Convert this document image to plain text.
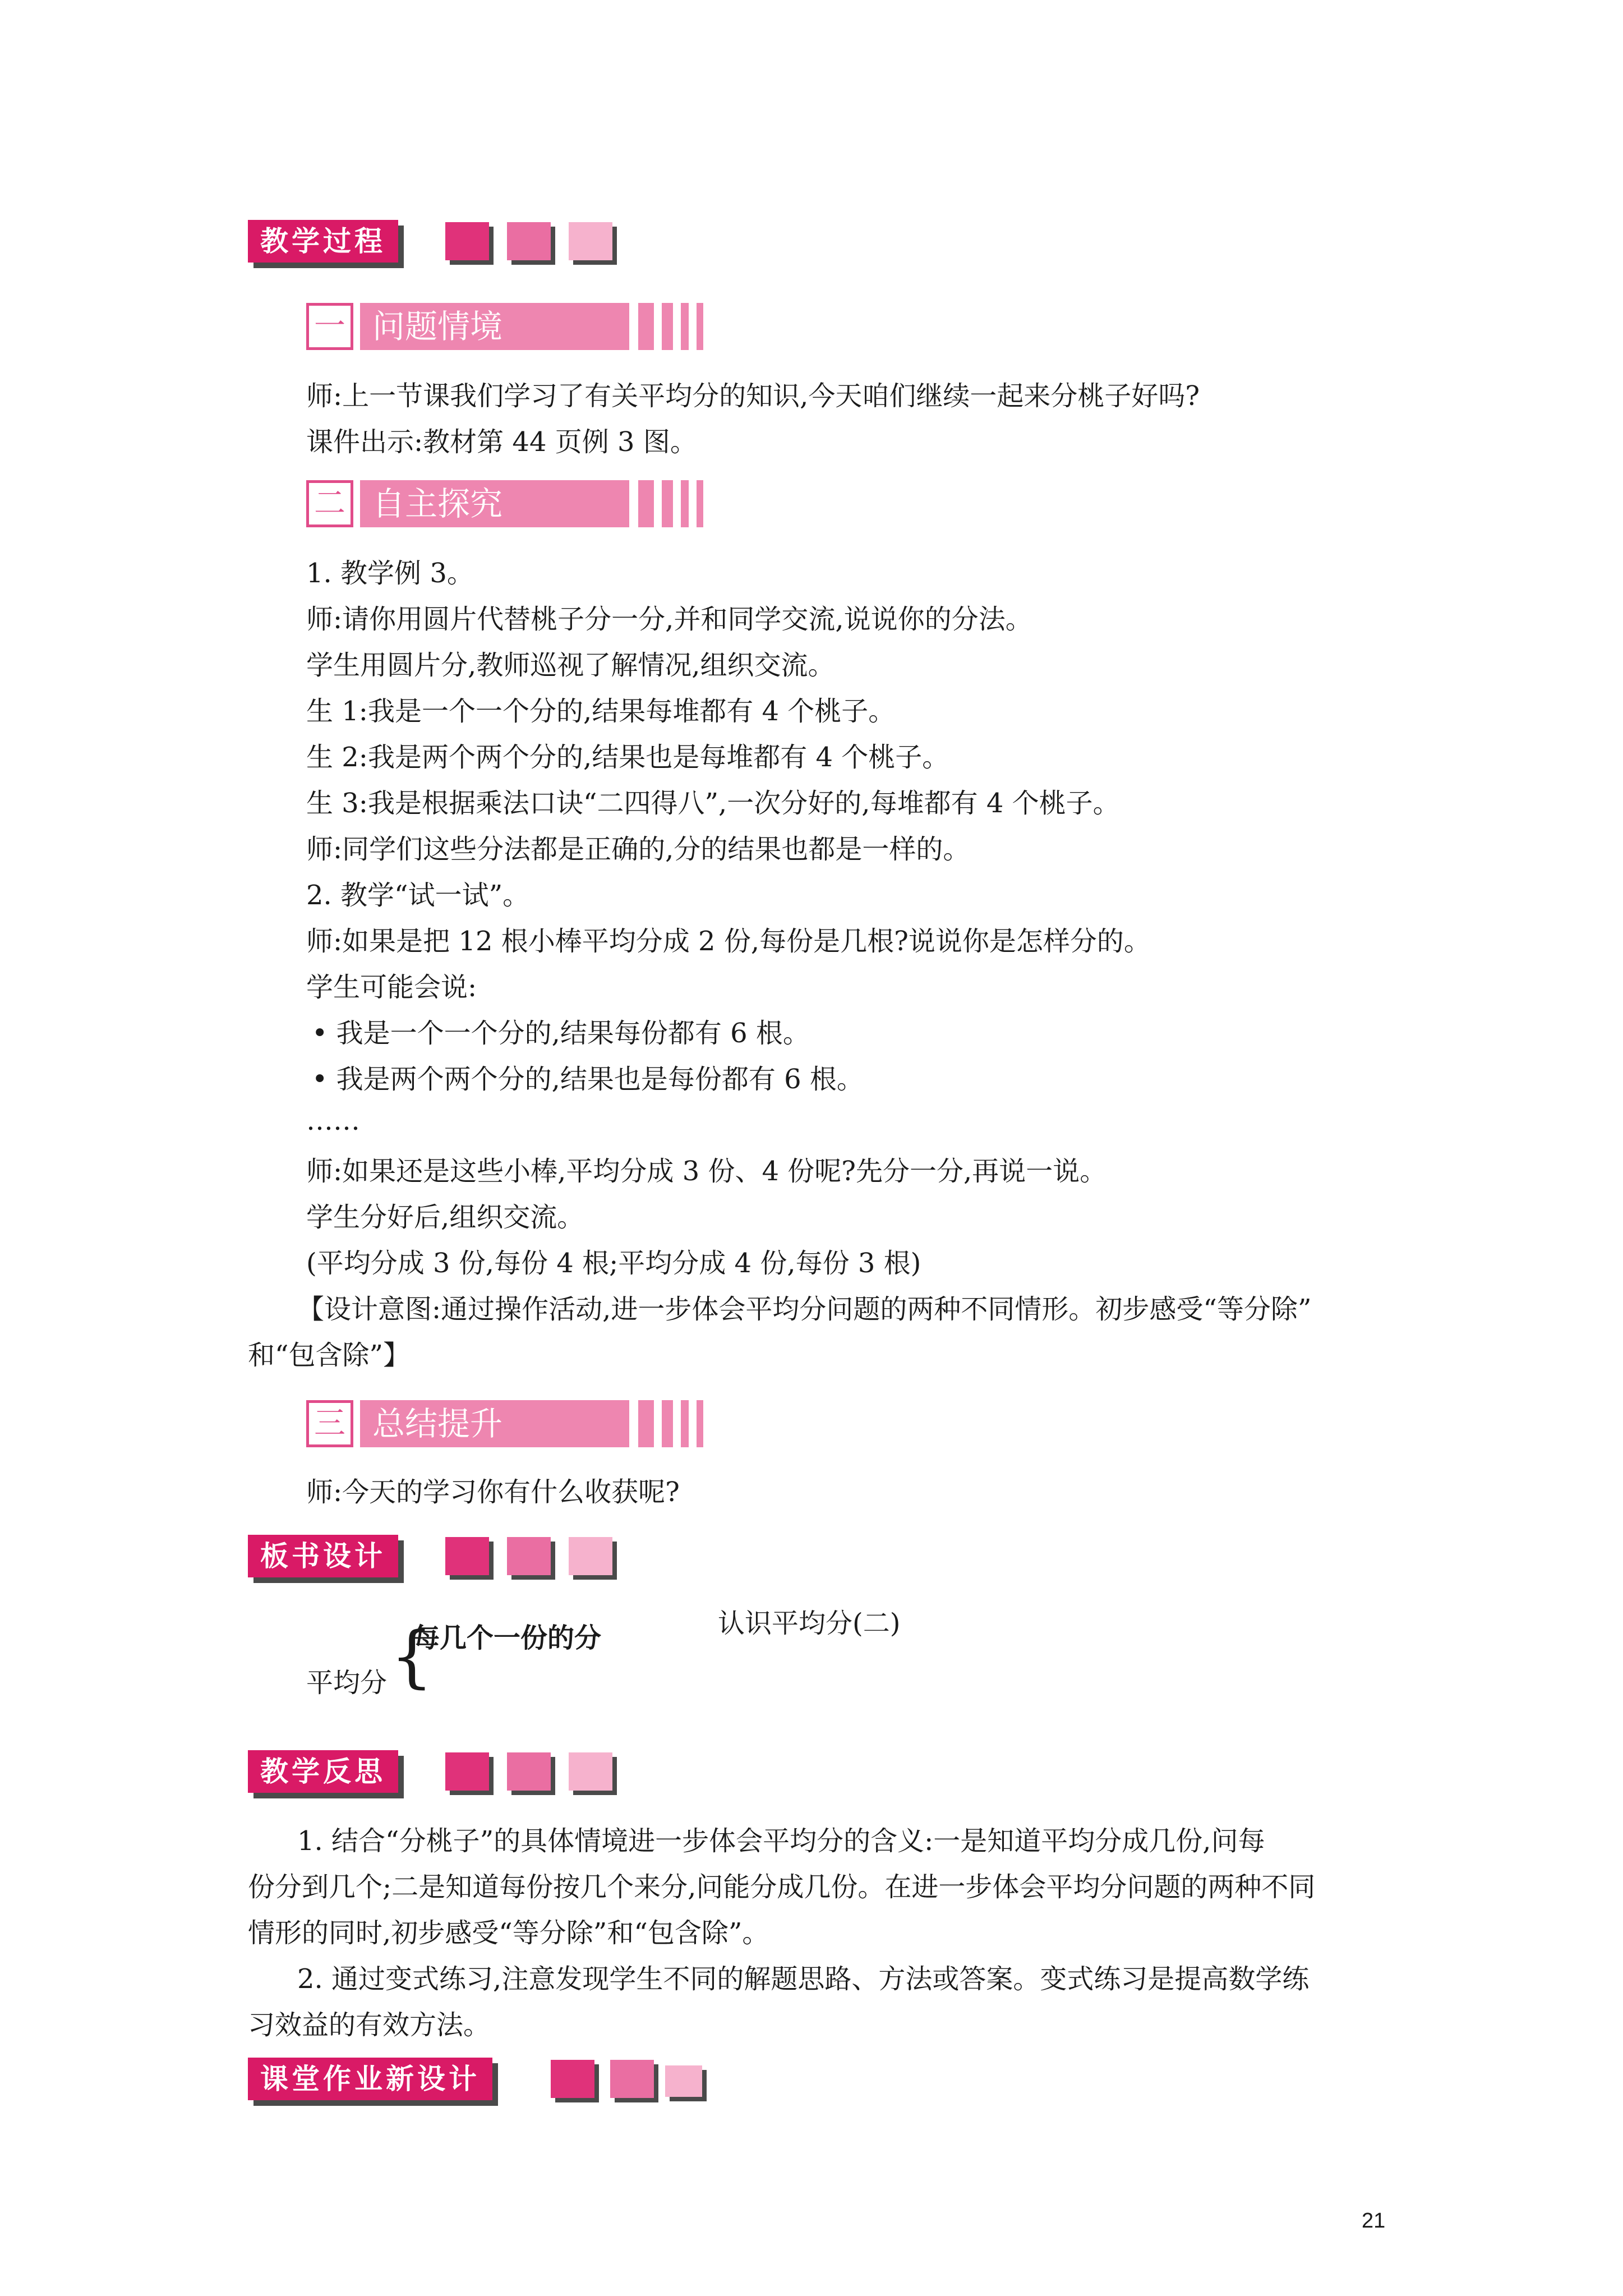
教学过程
一 问题情境
师:上一节课我们学习了有关平均分的知识,今天咱们继续一起来分桃子好吗?
课件出示:教材第 44 页例 3 图。
二 自主探究
1. 教学例 3。
师:请你用圆片代替桃子分一分,并和同学交流,说说你的分法。
学生用圆片分,教师巡视了解情况,组织交流。
生 1:我是一个一个分的,结果每堆都有 4 个桃子。
生 2:我是两个两个分的,结果也是每堆都有 4 个桃子。
生 3:我是根据乘法口诀“二四得八”,一次分好的,每堆都有 4 个桃子。
师:同学们这些分法都是正确的,分的结果也都是一样的。
2. 教学“试一试”。
师:如果是把 12 根小棒平均分成 2 份,每份是几根?说说你是怎样分的。
学生可能会说:
• 我是一个一个分的,结果每份都有 6 根。
• 我是两个两个分的,结果也是每份都有 6 根。
……
师:如果还是这些小棒,平均分成 3 份、4 份呢?先分一分,再说一说。
学生分好后,组织交流。
(平均分成 3 份,每份 4 根;平均分成 4 份,每份 3 根)
【设计意图:通过操作活动,进一步体会平均分问题的两种不同情形。初步感受“等分除”
和“包含除”】
三 总结提升
师:今天的学习你有什么收获呢?
板书设计
认识平均分(二)
平均分 {
每几个一份的分
教学反思
1. 结合“分桃子”的具体情境进一步体会平均分的含义:一是知道平均分成几份,问每
份分到几个;二是知道每份按几个来分,问能分成几份。在进一步体会平均分问题的两种不同
情形的同时,初步感受“等分除”和“包含除”。
2. 通过变式练习,注意发现学生不同的解题思路、方法或答案。变式练习是提高数学练
习效益的有效方法。
课堂作业新设计
21
